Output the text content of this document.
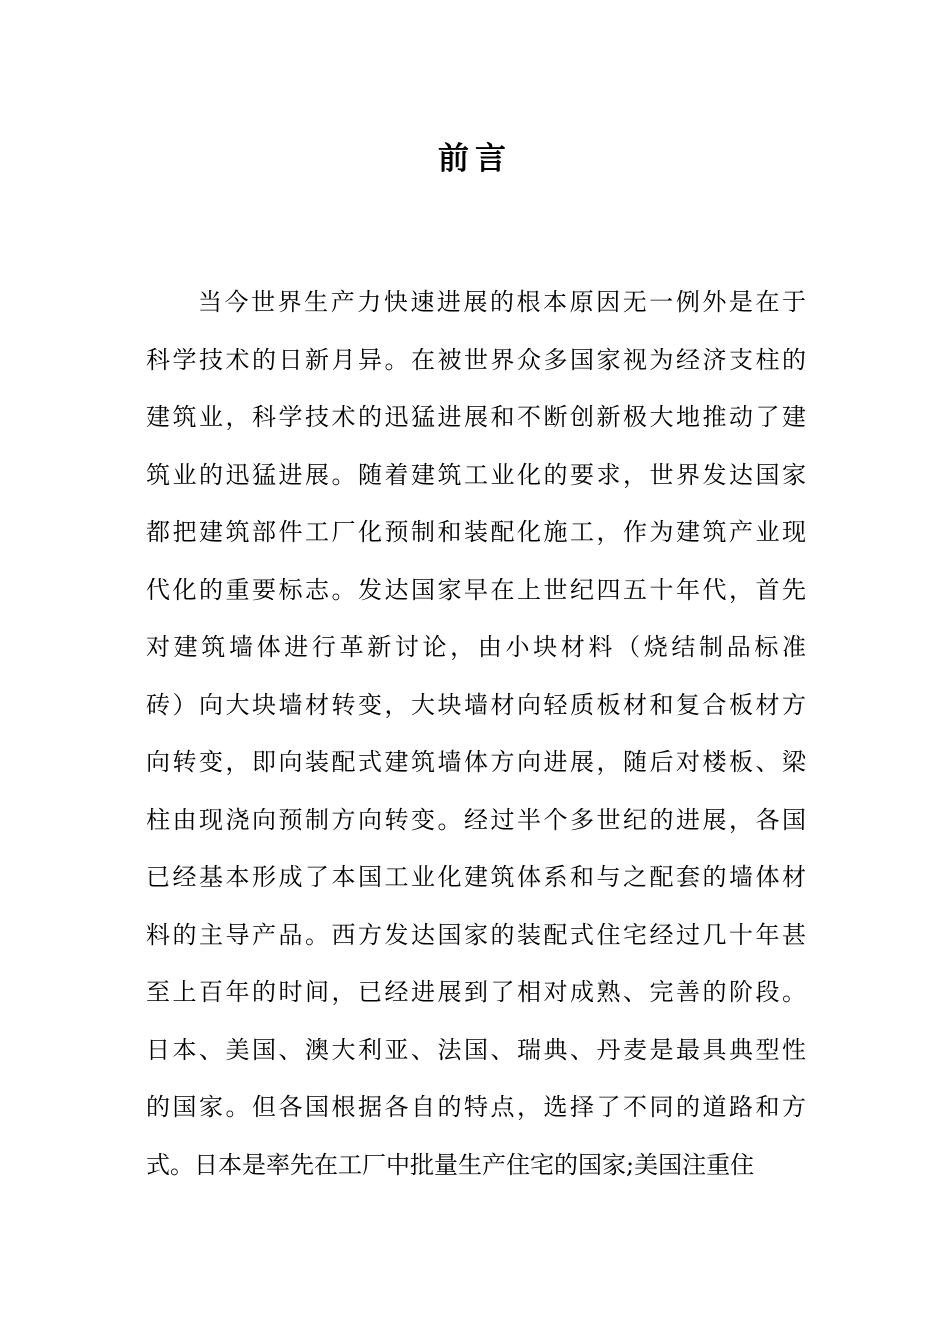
前言
当今世界生产力快速进展的根本原因无一例外是在于
科学技术的日新月异。在被世界众多国家视为经济支柱的
建筑业，科学技术的迅猛进展和不断创新极大地推动了建
筑业的迅猛进展。随着建筑工业化的要求，世界发达国家
都把建筑部件工厂化预制和装配化施工，作为建筑产业现
代化的重要标志。发达国家早在上世纪四五十年代，首先
对建筑墙体进行革新讨论，由小块材料（烧结制品标准
砖）向大块墙材转变，大块墙材向轻质板材和复合板材方
向转变，即向装配式建筑墙体方向进展，随后对楼板、梁
柱由现浇向预制方向转变。经过半个多世纪的进展，各国
已经基本形成了本国工业化建筑体系和与之配套的墙体材
料的主导产品。西方发达国家的装配式住宅经过几十年甚
至上百年的时间，已经进展到了相对成熟、完善的阶段。
日本、美国、澳大利亚、法国、瑞典、丹麦是最具典型性
的国家。但各国根据各自的特点，选择了不同的道路和方
式。日本是率先在工厂中批量生产住宅的国家;美国注重住
